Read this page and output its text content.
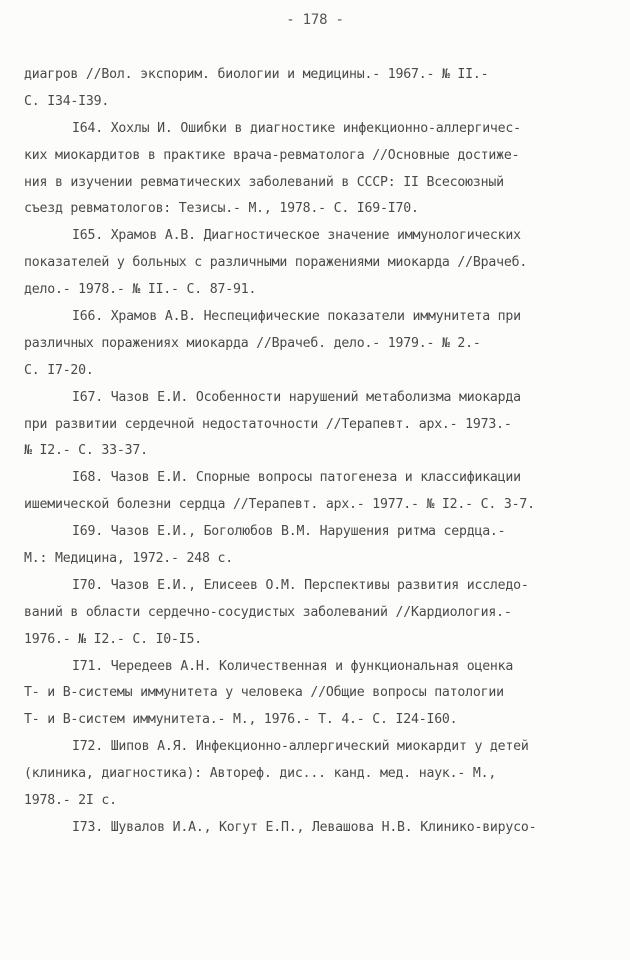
- 178 -
диагров //Вол. экспорим. биологии и медицины.- 1967.- № II.-
С. I34-I39.
I64. Хохлы И. Ошибки в диагностике инфекционно-аллергичес-
ких миокардитов в практике врача-ревматолога //Основные достиже-
ния в изучении ревматических заболеваний в СССР: II Всесоюзный
съезд ревматологов: Тезисы.- М., 1978.- С. I69-I70.
I65. Храмов А.В. Диагностическое значение иммунологических
показателей у больных с различными поражениями миокарда //Врачеб.
дело.- 1978.- № II.- С. 87-91.
I66. Храмов А.В. Неспецифические показатели иммунитета при
различных поражениях миокарда //Врачеб. дело.- 1979.- № 2.-
С. I7-20.
I67. Чазов Е.И. Особенности нарушений метаболизма миокарда
при развитии сердечной недостаточности //Терапевт. арх.- 1973.-
№ I2.- С. 33-37.
I68. Чазов Е.И. Спорные вопросы патогенеза и классификации
ишемической болезни сердца //Терапевт. арх.- 1977.- № I2.- С. 3-7.
I69. Чазов Е.И., Боголюбов В.М. Нарушения ритма сердца.-
М.: Медицина, 1972.- 248 с.
I70. Чазов Е.И., Елисеев О.М. Перспективы развития исследо-
ваний в области сердечно-сосудистых заболеваний //Кардиология.-
1976.- № I2.- С. I0-I5.
I71. Чередеев А.Н. Количественная и функциональная оценка
Т- и В-системы иммунитета у человека //Общие вопросы патологии
Т- и В-систем иммунитета.- М., 1976.- Т. 4.- С. I24-I60.
I72. Шипов А.Я. Инфекционно-аллергический миокардит у детей
(клиника, диагностика): Автореф. дис... канд. мед. наук.- М.,
1978.- 2I с.
I73. Шувалов И.А., Когут Е.П., Левашова Н.В. Клинико-вирусо-
